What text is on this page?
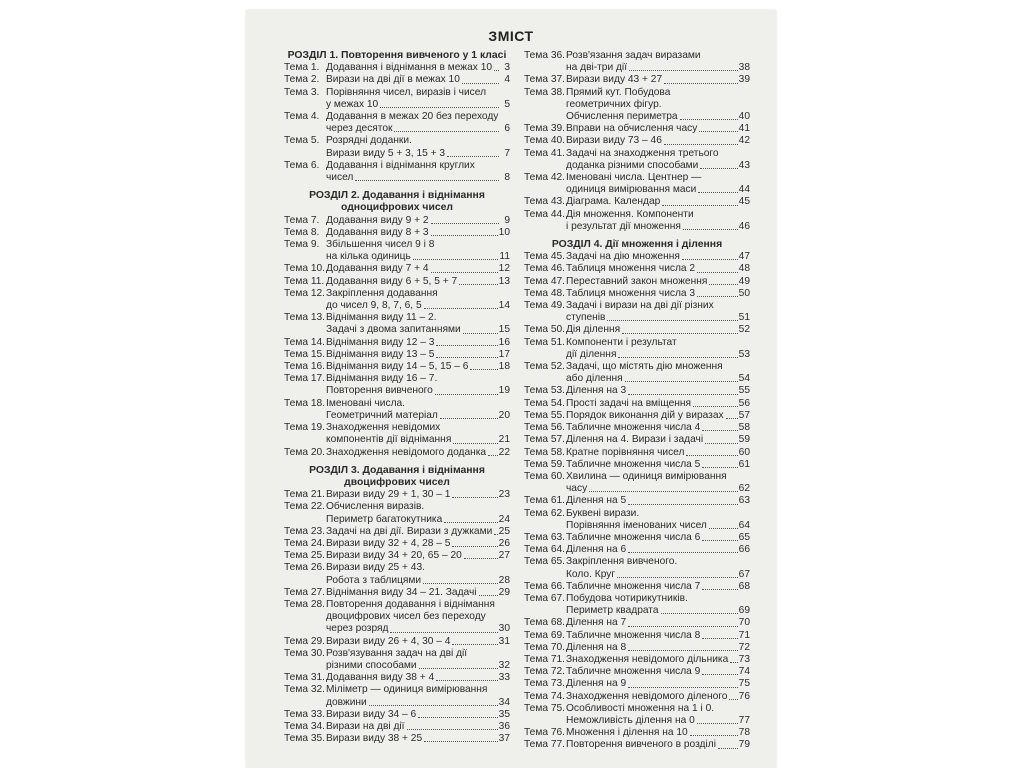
ЗМІСТ
РОЗДІЛ 1. Повторення вивченого у 1 класі
Тема 1. Додавання і віднімання в межах 10	3
Тема 2. Вирази на дві дії в межах 10	4
Тема 3. Порівняння чисел, виразів і чисел
у межах 10	5
Тема 4. Додавання в межах 20 без переходу
через десяток	6
Тема 5. Розрядні доданки.
Вирази виду 5 + 3, 15 + 3	7
Тема 6. Додавання і віднімання круглих
чисел	8
РОЗДІЛ 2. Додавання і віднімання одноцифрових чисел
Тема 7. Додавання виду 9 + 2	9
Тема 8. Додавання виду 8 + 3	10
Тема 9. Збільшення чисел 9 і 8
на кілька одиниць	11
Тема 10. Додавання виду 7 + 4	12
Тема 11. Додавання виду 6 + 5, 5 + 7	13
Тема 12. Закріплення додавання
до чисел 9, 8, 7, 6, 5	14
Тема 13. Віднімання виду 11 – 2.
Задачі з двома запитаннями	15
Тема 14. Віднімання виду 12 – 3	16
Тема 15. Віднімання виду 13 – 5	17
Тема 16. Віднімання виду 14 – 5, 15 – 6	18
Тема 17. Віднімання виду 16 – 7.
Повторення вивченого	19
Тема 18. Іменовані числа.
Геометричний матеріал	20
Тема 19. Знаходження невідомих
компонентів дії віднімання	21
Тема 20. Знаходження невідомого доданка 22
РОЗДІЛ 3. Додавання і віднімання двоцифрових чисел
Тема 21. Вирази виду 29 + 1, 30 – 1	23
Тема 22. Обчислення виразів.
Периметр багатокутника	24
Тема 23. Задачі на дві дії. Вирази з дужками 25
Тема 24. Вирази виду 32 + 4, 28 – 5	26
Тема 25. Вирази виду 34 + 20, 65 – 20	27
Тема 26. Вирази виду 25 + 43.
Робота з таблицями	28
Тема 27. Віднімання виду 34 – 21. Задачі 29
Тема 28. Повторення додавання і віднімання
двоцифрових чисел без переходу
через розряд	30
Тема 29. Вирази виду 26 + 4, 30 – 4	31
Тема 30. Розв'язування задач на дві дії
різними способами	32
Тема 31. Додавання виду 38 + 4	33
Тема 32. Міліметр — одиниця вимірювання
довжини	34
Тема 33. Вирази виду 34 – 6	35
Тема 34. Вирази на дві дії	36
Тема 35. Вирази виду 38 + 25	37
Тема 36. Розв'язання задач виразами
на дві-три дії	38
Тема 37. Вирази виду 43 + 27	39
Тема 38. Прямий кут. Побудова
геометричних фігур.
Обчислення периметра	40
Тема 39. Вправи на обчислення часу	41
Тема 40. Вирази виду 73 – 46	42
Тема 41. Задачі на знаходження третього
доданка різними способами	43
Тема 42. Іменовані числа. Центнер —
одиниця вимірювання маси	44
Тема 43. Діаграма. Календар	45
Тема 44. Дія множення. Компоненти
і результат дії множення	46
РОЗДІЛ 4. Дії множення і ділення
Тема 45. Задачі на дію множення	47
Тема 46. Таблиця множення числа 2	48
Тема 47. Переставний закон множення	49
Тема 48. Таблиця множення числа 3	50
Тема 49. Задачі і вирази на дві дії різних
ступенів	51
Тема 50. Дія ділення	52
Тема 51. Компоненти і результат
дії ділення	53
Тема 52. Задачі, що містять дію множення
або ділення	54
Тема 53. Ділення на 3	55
Тема 54. Прості задачі на вміщення	56
Тема 55. Порядок виконання дій у виразах 57
Тема 56. Табличне множення числа 4	58
Тема 57. Ділення на 4. Вирази і задачі	59
Тема 58. Кратне порівняння чисел	60
Тема 59. Табличне множення числа 5	61
Тема 60. Хвилина — одиниця вимірювання
часу	62
Тема 61. Ділення на 5	63
Тема 62. Буквені вирази.
Порівняння іменованих чисел	64
Тема 63. Табличне множення числа 6	65
Тема 64. Ділення на 6	66
Тема 65. Закріплення вивченого.
Коло. Круг	67
Тема 66. Табличне множення числа 7	68
Тема 67. Побудова чотирикутників.
Периметр квадрата	69
Тема 68. Ділення на 7	70
Тема 69. Табличне множення числа 8	71
Тема 70. Ділення на 8	72
Тема 71. Знаходження невідомого дільника 73
Тема 72. Табличне множення числа 9	74
Тема 73. Ділення на 9	75
Тема 74. Знаходження невідомого діленого 76
Тема 75. Особливості множення на 1 і 0.
Неможливість ділення на 0	77
Тема 76. Множення і ділення на 10	78
Тема 77. Повторення вивченого в розділі 79
